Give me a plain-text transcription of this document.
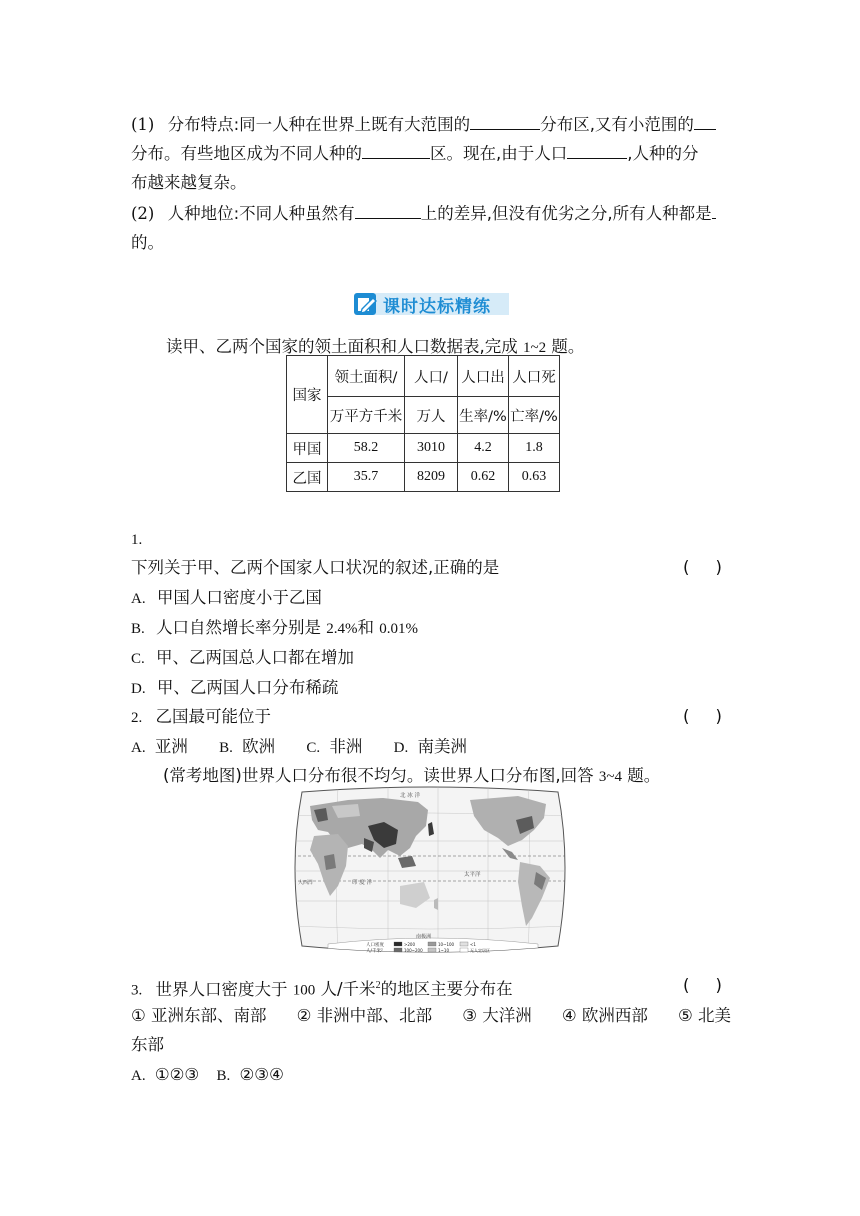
(1) 分布特点:同一人种在世界上既有大范围的	分布区,又有小范围的
分布。有些地区成为不同人种的	区。现在,由于人口	,人种的分
布越来越复杂。
(2) 人种地位:不同人种虽然有	上的差异,但没有优劣之分,所有人种都是
的。
课时达标精练
读甲、乙两个国家的领土面积和人口数据表,完成 1~2 题。
国家	领土面积/	人口/	人口出	人口死
	万平方千米	万人	生率/%	亡率/%
甲国	58.2	3010	4.2	1.8
乙国	35.7	8209	0.62	0.63
1.
下列关于甲、乙两个国家人口状况的叙述,正确的是	( )
A. 甲国人口密度小于乙国
B. 人口自然增长率分别是 2.4%和 0.01%
C. 甲、乙两国总人口都在增加
D. 甲、乙两国人口分布稀疏
2. 乙国最可能位于	( )
A. 亚洲 B. 欧洲 C. 非洲 D. 南美洲
(常考地图)世界人口分布很不均匀。读世界人口分布图,回答 3~4 题。
北 冰 洋
印 度 洋
大西洋
太平洋
南极洲
人口密度
人/千米²
>200
100~200
10~100
1~10
<1
无人定居区
3. 世界人口密度大于 100 人/千米$^2$的地区主要分布在	( )
① 亚洲东部、南部 ② 非洲中部、北部 ③ 大洋洲 ④ 欧洲西部 ⑤ 北美
东部
A. ①②③ B. ②③④
